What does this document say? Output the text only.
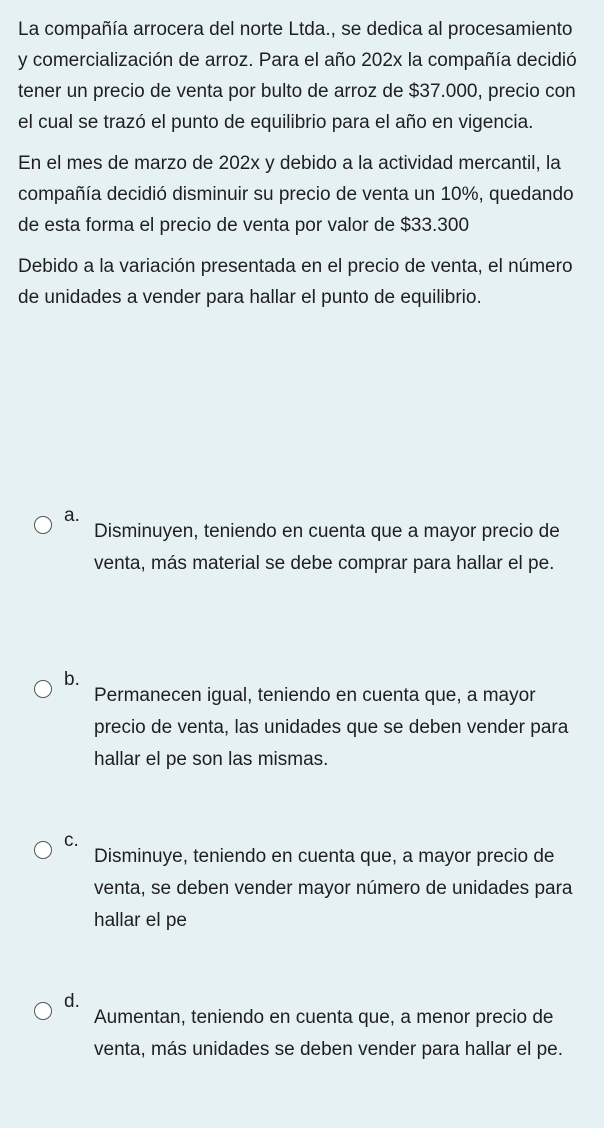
La compañía arrocera del norte Ltda., se dedica al procesamiento y comercialización de arroz. Para el año 202x la compañía decidió tener un precio de venta por bulto de arroz de $37.000, precio con el cual se trazó el punto de equilibrio para el año en vigencia.

En el mes de marzo de 202x y debido a la actividad mercantil, la compañía decidió disminuir su precio de venta un 10%, quedando de esta forma el precio de venta por valor de $33.300

Debido a la variación presentada en el precio de venta, el número de unidades a vender para hallar el punto de equilibrio.

a.
Disminuyen, teniendo en cuenta que a mayor precio de venta, más material se debe comprar para hallar el pe.
b.
Permanecen igual, teniendo en cuenta que, a mayor precio de venta, las unidades que se deben vender para hallar el pe son las mismas.
c.
Disminuye, teniendo en cuenta que, a mayor precio de venta, se deben vender mayor número de unidades para hallar el pe
d.
Aumentan, teniendo en cuenta que, a menor precio de venta, más unidades se deben vender para hallar el pe.
